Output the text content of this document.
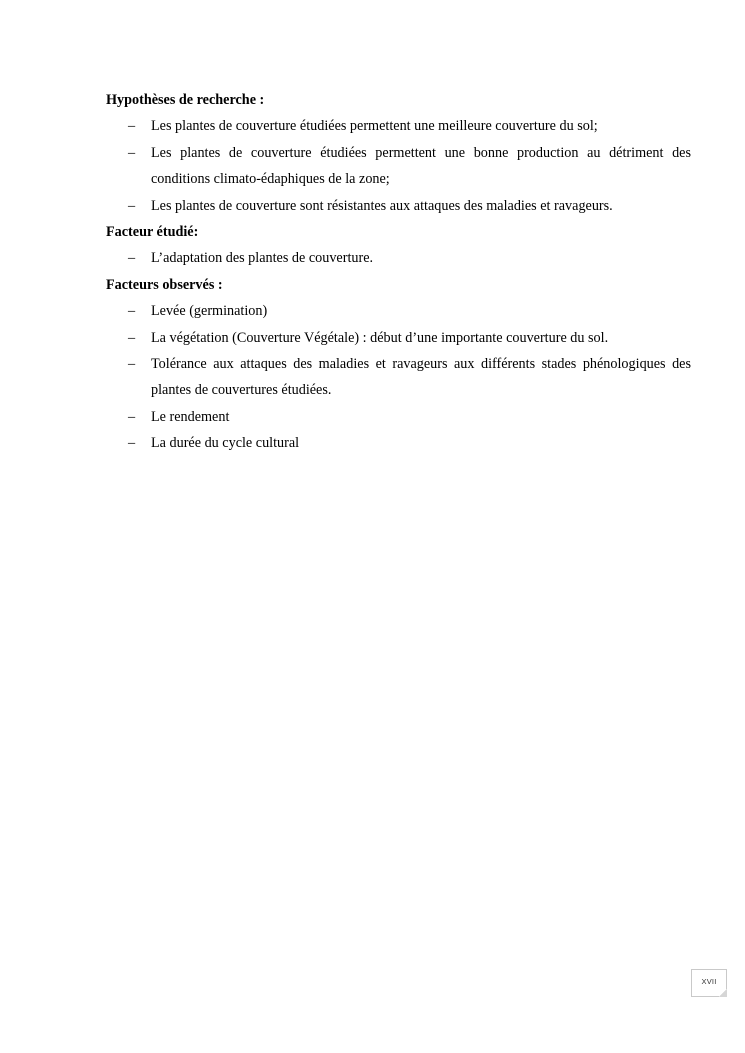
Hypothèses de recherche :

– Les plantes de couverture étudiées permettent une meilleure couverture du sol;
– Les plantes de couverture étudiées permettent une bonne production au détriment des conditions climato-édaphiques de la zone;
– Les plantes de couverture sont résistantes aux attaques des maladies et ravageurs.

Facteur étudié:

– L’adaptation des plantes de couverture.

Facteurs observés :

– Levée (germination)
– La végétation (Couverture Végétale) : début d’une importante couverture du sol.
– Tolérance aux attaques des maladies et ravageurs aux différents stades phénologiques des plantes de couvertures étudiées.
– Le rendement
– La durée du cycle cultural
XVII
